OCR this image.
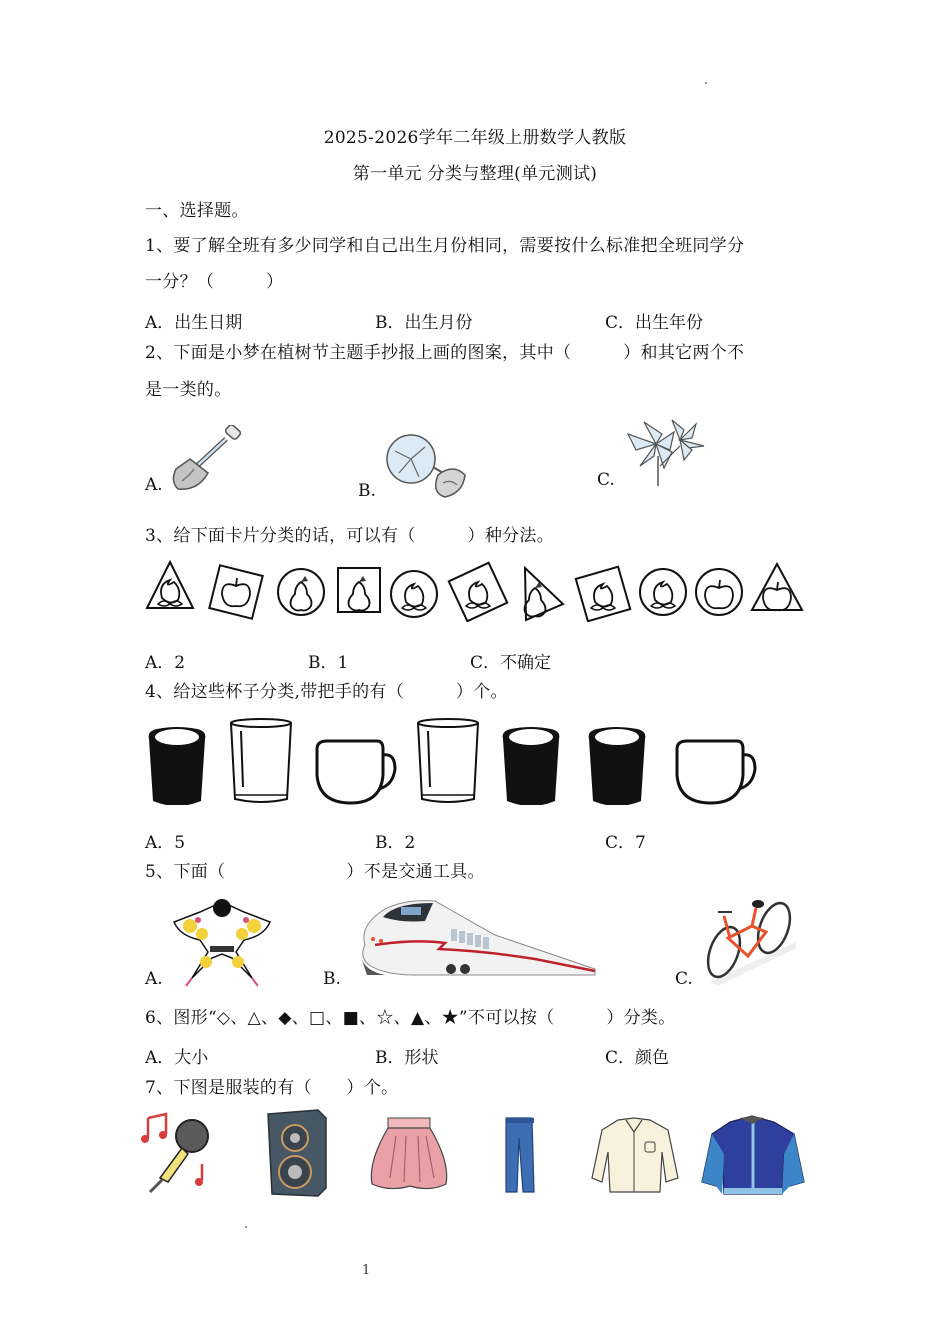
2025-2026学年二年级上册数学人教版
第一单元 分类与整理(单元测试)
一、选择题。
1、要了解全班有多少同学和自己出生月份相同，需要按什么标准把全班同学分
一分？（　　　）
A．出生日期	B．出生月份	C．出生年份
2、下面是小梦在植树节主题手抄报上画的图案，其中（　　　）和其它两个不
是一类的。
A.	B.
C.
3、给下面卡片分类的话，可以有（　　　）种分法。
A．2	B．1	C．不确定
4、给这些杯子分类,带把手的有（　　　）个。
A．5	B．2	C．7
5、下面（　　　　　　　）不是交通工具。
A.	B.	C.
6、图形“◇、△、◆、□、■、☆、▲、★”不可以按（　　　）分类。
A．大小	B．形状	C．颜色
7、下图是服装的有（　　）个。
1
